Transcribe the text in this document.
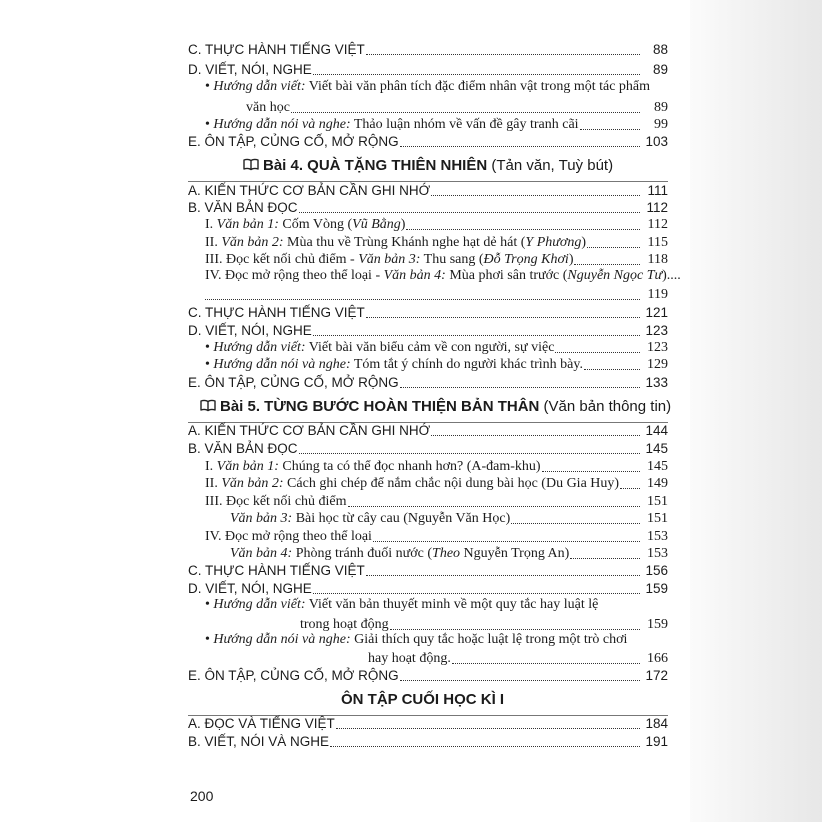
C. THỰC HÀNH TIẾNG VIỆT	88
D. VIẾT, NÓI, NGHE	89
• Hướng dẫn viết: Viết bài văn phân tích đặc điểm nhân vật trong một tác phẩm
văn học	89
• Hướng dẫn nói và nghe: Thảo luận nhóm về vấn đề gây tranh cãi	99
E. ÔN TẬP, CỦNG CỐ, MỞ RỘNG	103
Bài 4. QUÀ TẶNG THIÊN NHIÊN (Tản văn, Tuỳ bút)
A. KIẾN THỨC CƠ BẢN CẦN GHI NHỚ	111
B. VĂN BẢN ĐỌC	112
I. Văn bản 1: Cốm Vòng (Vũ Bằng)	112
II. Văn bản 2: Mùa thu về Trùng Khánh nghe hạt dẻ hát (Y Phương)	115
III. Đọc kết nối chủ điểm - Văn bản 3: Thu sang (Đỗ Trọng Khơi)	118
IV. Đọc mở rộng theo thể loại - Văn bản 4: Mùa phơi sân trước (Nguyễn Ngọc Tư)....
119
C. THỰC HÀNH TIẾNG VIỆT	121
D. VIẾT, NÓI, NGHE	123
• Hướng dẫn viết: Viết bài văn biểu cảm về con người, sự việc	123
• Hướng dẫn nói và nghe: Tóm tắt ý chính do người khác trình bày.	129
E. ÔN TẬP, CỦNG CỐ, MỞ RỘNG	133
Bài 5. TỪNG BƯỚC HOÀN THIỆN BẢN THÂN (Văn bản thông tin)
A. KIẾN THỨC CƠ BẢN CẦN GHI NHỚ	144
B. VĂN BẢN ĐỌC	145
I. Văn bản 1: Chúng ta có thể đọc nhanh hơn? (A-đam-khu)	145
II. Văn bản 2: Cách ghi chép để nắm chắc nội dung bài học (Du Gia Huy)	149
III. Đọc kết nối chủ điểm	151
Văn bản 3: Bài học từ cây cau (Nguyễn Văn Học)	151
IV. Đọc mở rộng theo thể loại	153
Văn bản 4: Phòng tránh đuối nước (Theo Nguyễn Trọng An)	153
C. THỰC HÀNH TIẾNG VIỆT	156
D. VIẾT, NÓI, NGHE	159
• Hướng dẫn viết: Viết văn bản thuyết minh về một quy tắc hay luật lệ
trong hoạt động	159
• Hướng dẫn nói và nghe: Giải thích quy tắc hoặc luật lệ trong một trò chơi
hay hoạt động.	166
E. ÔN TẬP, CỦNG CỐ, MỞ RỘNG	172
ÔN TẬP CUỐI HỌC KÌ I
A. ĐỌC VÀ TIẾNG VIỆT	184
B. VIẾT, NÓI VÀ NGHE	191
200
